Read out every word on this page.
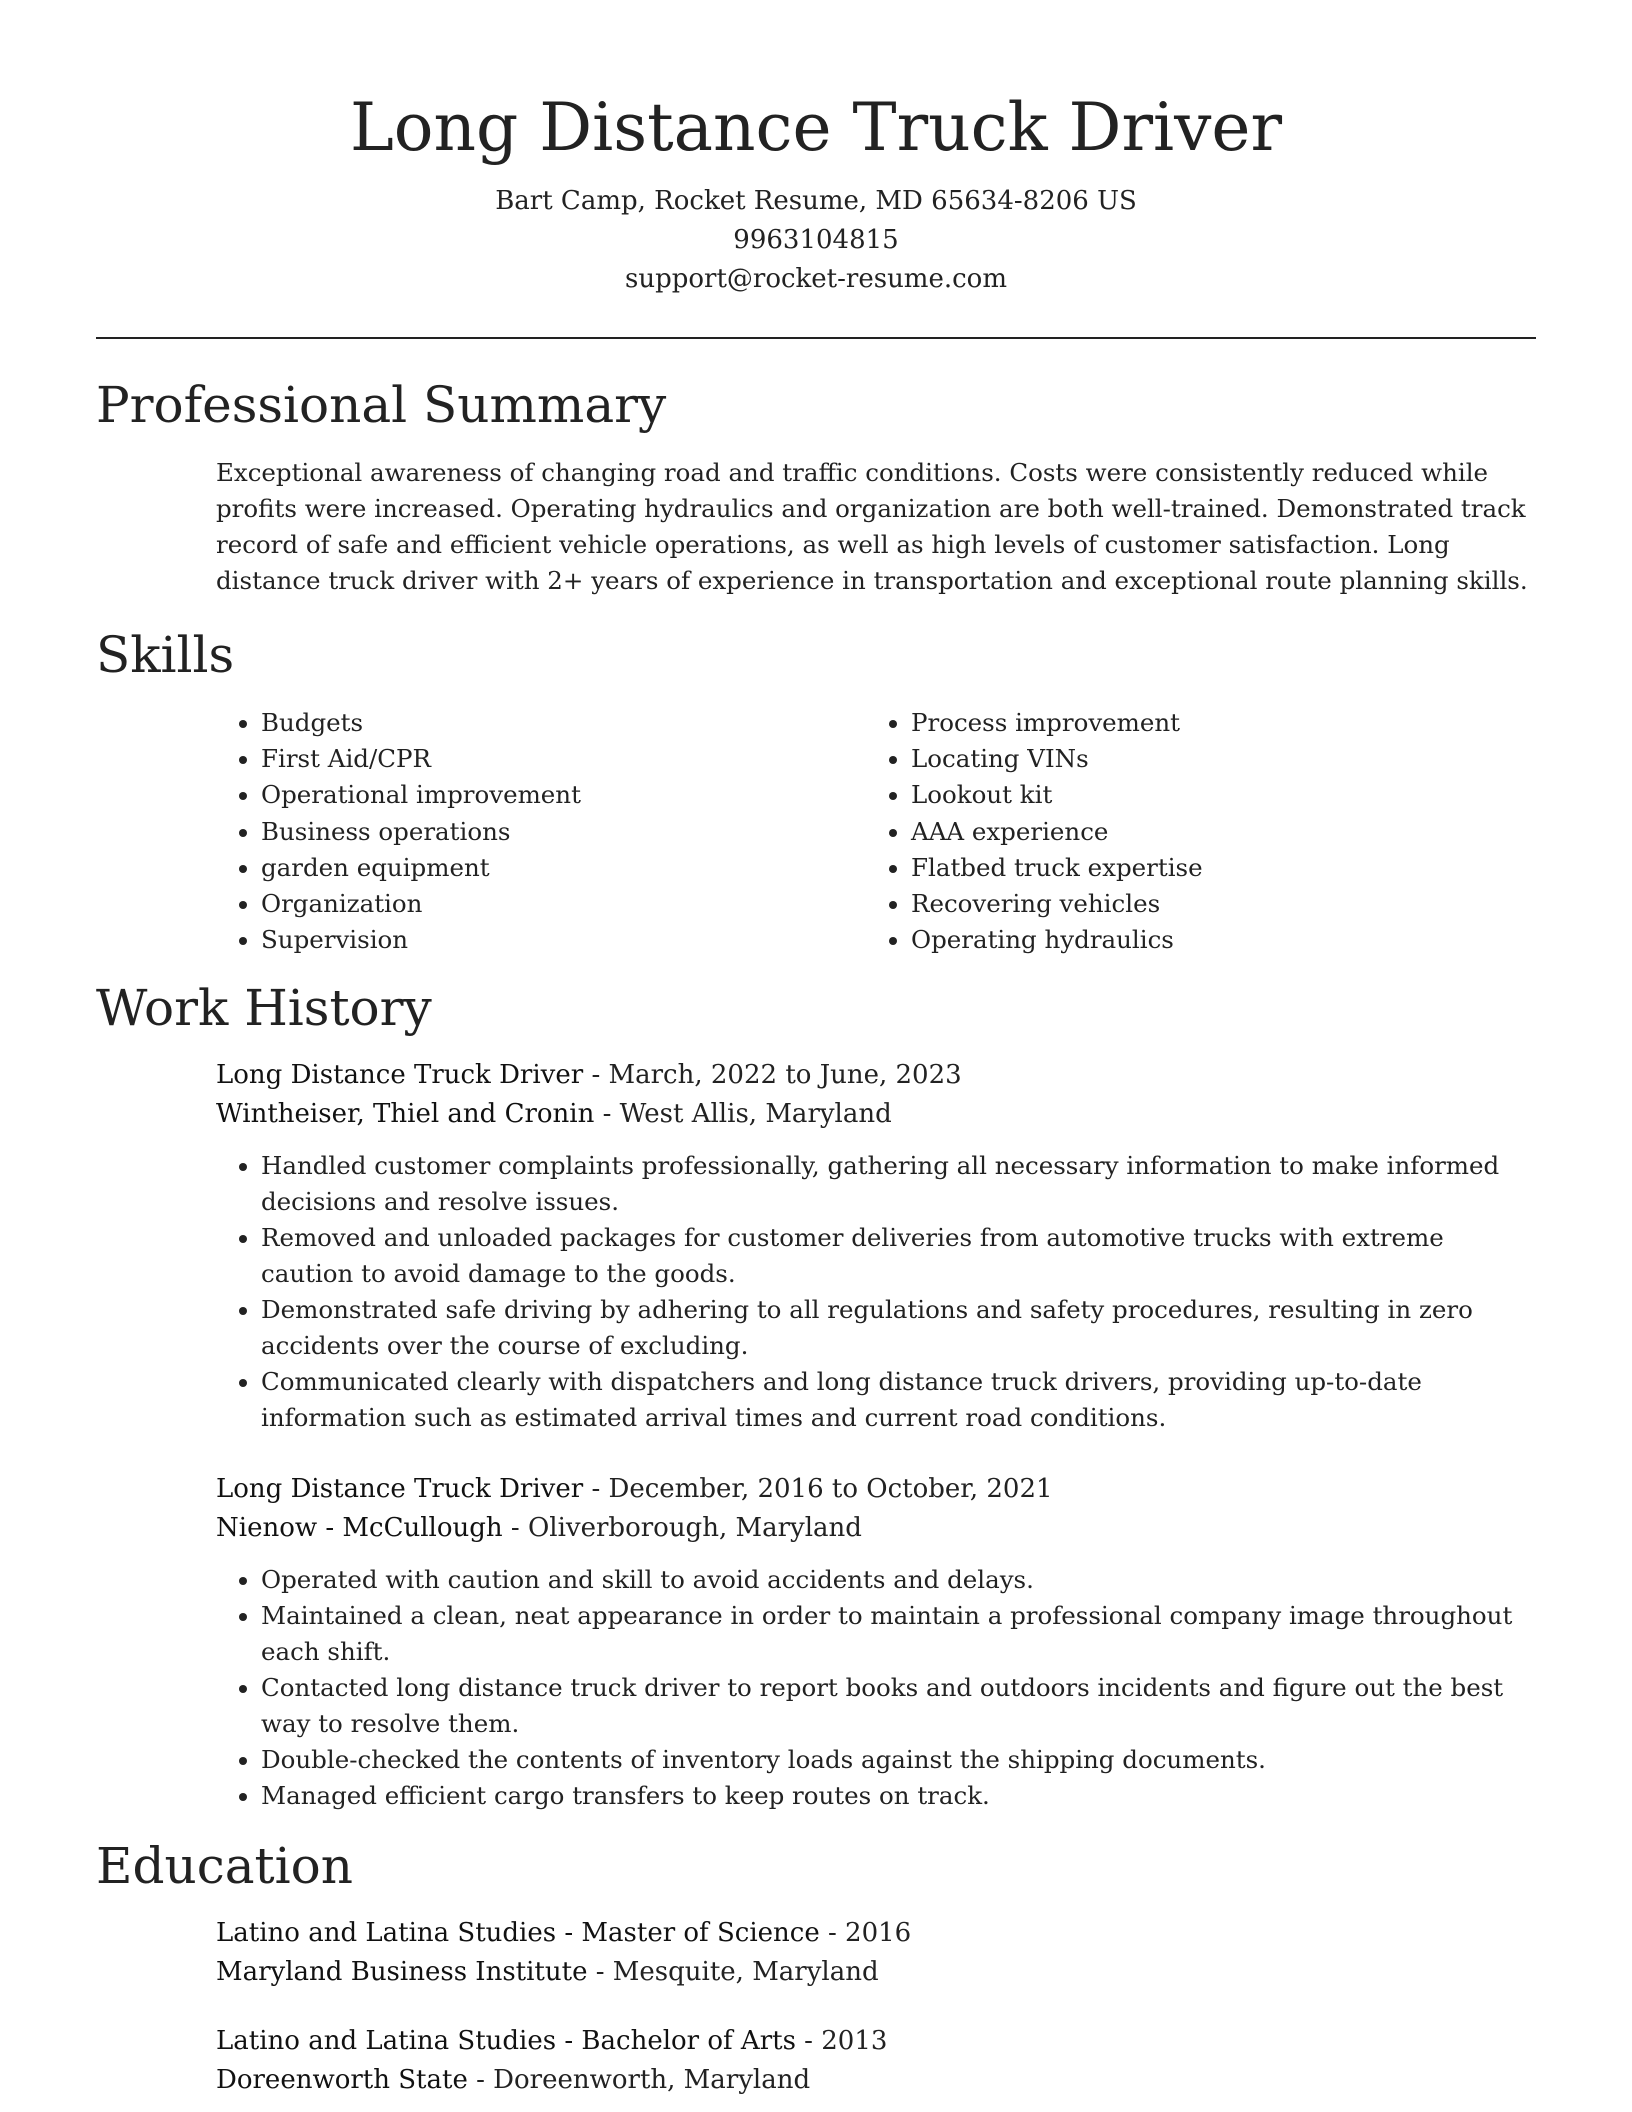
Long Distance Truck Driver
Bart Camp, Rocket Resume, MD 65634-8206 US
9963104815
support@rocket-resume.com
Professional Summary
Exceptional awareness of changing road and traffic conditions. Costs were consistently reduced while profits were increased. Operating hydraulics and organization are both well-trained. Demonstrated track record of safe and efficient vehicle operations, as well as high levels of customer satisfaction. Long distance truck driver with 2+ years of experience in transportation and exceptional route planning skills.
Skills
• Budgets
• First Aid/CPR
• Operational improvement
• Business operations
• garden equipment
• Organization
• Supervision
• Process improvement
• Locating VINs
• Lookout kit
• AAA experience
• Flatbed truck expertise
• Recovering vehicles
• Operating hydraulics
Work History
Long Distance Truck Driver - March, 2022 to June, 2023
Wintheiser, Thiel and Cronin - West Allis, Maryland
• Handled customer complaints professionally, gathering all necessary information to make informed decisions and resolve issues.
• Removed and unloaded packages for customer deliveries from automotive trucks with extreme caution to avoid damage to the goods.
• Demonstrated safe driving by adhering to all regulations and safety procedures, resulting in zero accidents over the course of excluding.
• Communicated clearly with dispatchers and long distance truck drivers, providing up-to-date information such as estimated arrival times and current road conditions.
Long Distance Truck Driver - December, 2016 to October, 2021
Nienow - McCullough - Oliverborough, Maryland
• Operated with caution and skill to avoid accidents and delays.
• Maintained a clean, neat appearance in order to maintain a professional company image throughout each shift.
• Contacted long distance truck driver to report books and outdoors incidents and figure out the best way to resolve them.
• Double-checked the contents of inventory loads against the shipping documents.
• Managed efficient cargo transfers to keep routes on track.
Education
Latino and Latina Studies - Master of Science - 2016
Maryland Business Institute - Mesquite, Maryland
Latino and Latina Studies - Bachelor of Arts - 2013
Doreenworth State - Doreenworth, Maryland
